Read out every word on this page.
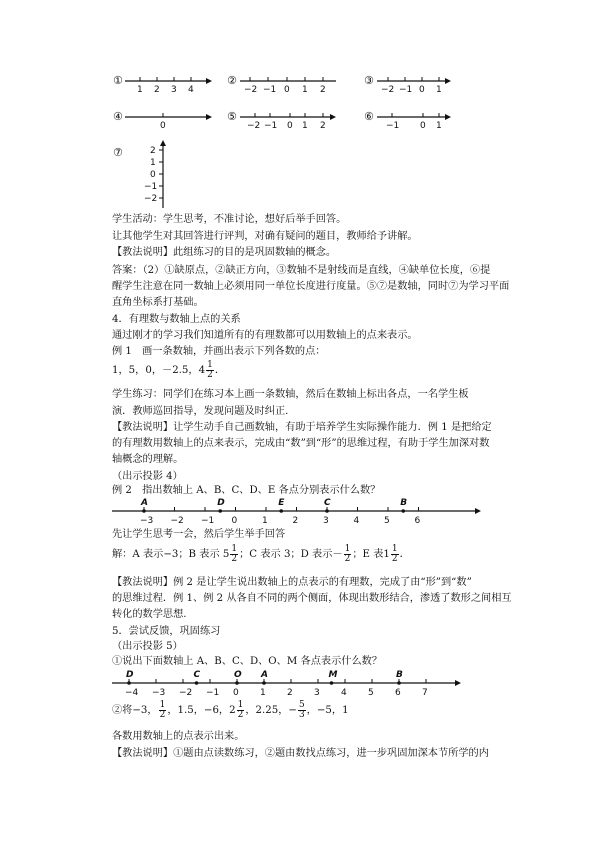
①
1 2 3 4
②
−2 −1 0 1 2
③
−2 −1 0 1
④
0
⑤
−2 −1 0 1 2
⑥
−1 0 1
⑦	2
1
0
−1
−2
学生活动：学生思考，不准讨论，想好后举手回答。
让其他学生对其回答进行评判，对确有疑问的题目，教师给予讲解。
【教法说明】此组练习的目的是巩固数轴的概念。
答案：（2）①缺原点，②缺正方向，③数轴不是射线而是直线，④缺单位长度，⑥提
醒学生注意在同一数轴上必须用同一单位长度进行度量。⑤⑦是数轴，同时⑦为学习平面
直角坐标系打基础。
4．有理数与数轴上点的关系
通过刚才的学习我们知道所有的有理数都可以用数轴上的点来表示。
例 1　画一条数轴，并画出表示下列各数的点：
1，5，0，－2.5，$4 \frac{1}{2}$ ．
学生练习：同学们在练习本上画一条数轴，然后在数轴上标出各点，一名学生板
演．教师巡回指导，发现问题及时纠正.
【教法说明】让学生动手自己画数轴，有助于培养学生实际操作能力．例 1 是把给定
的有理数用数轴上的点来表示，完成由“数”到“形”的思维过程，有助于学生加深对数
轴概念的理解。
（出示投影 4）
例 2　指出数轴上 A、B、C、D、E 各点分别表示什么数？
−3 −2 −1 0	1	2	3	4	5	6
A	B
C
D	E
先让学生思考一会，然后学生举手回答
解：A 表示−3；B 表示 $5 \frac{1}{2}$ ；C 表示 3；D 表示－ $\frac{1}{2}$ ；E 表$1 \frac{1}{2}$ ．
【教法说明】例 2 是让学生说出数轴上的点表示的有理数，完成了由“形”到“数”
的思维过程．例 1、例 2 从各自不同的两个侧面，体现出数形结合，渗透了数形之间相互
转化的数学思想.
5．尝试反馈，巩固练习
（出示投影 5）
①说出下面数轴上 A、B、C、D、O、M 各点表示什么数？
−4 −3 −2 −1 0 1 2 3 4 5 6 7
D	C	O A	M	B
②将−3， $\frac{1}{2}$ ，1.5，−6，$2 \frac{1}{2}$ ，2.25，− $\frac{5}{3}$ ，−5，1
各数用数轴上的点表示出来。
【教法说明】①题由点读数练习，②题由数找点练习，进一步巩固加深本节所学的内
